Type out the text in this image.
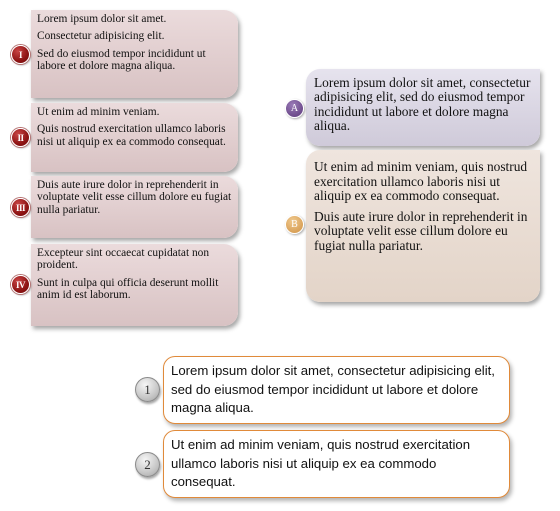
Lorem ipsum dolor sit amet.

Consectetur adipisicing elit.

Sed do eiusmod tempor incididunt ut labore et dolore magna aliqua.

I

Ut enim ad minim veniam.

Quis nostrud exercitation ullamco laboris nisi ut aliquip ex ea commodo consequat.

II

Duis aute irure dolor in reprehenderit in voluptate velit esse cillum dolore eu fugiat nulla pariatur.

III

Excepteur sint occaecat cupidatat non proident.

Sunt in culpa qui officia deserunt mollit anim id est laborum.

IV

Lorem ipsum dolor sit amet, consectetur adipisicing elit, sed do eiusmod tempor incididunt ut labore et dolore magna aliqua.

A

Ut enim ad minim veniam, quis nostrud exercitation ullamco laboris nisi ut aliquip ex ea commodo consequat.

Duis aute irure dolor in reprehenderit in voluptate velit esse cillum dolore eu fugiat nulla pariatur.

B

Lorem ipsum dolor sit amet, consectetur adipisicing elit, sed do eiusmod tempor incididunt ut labore et dolore magna aliqua.

1

Ut enim ad minim veniam, quis nostrud exercitation ullamco laboris nisi ut aliquip ex ea commodo consequat.

2
